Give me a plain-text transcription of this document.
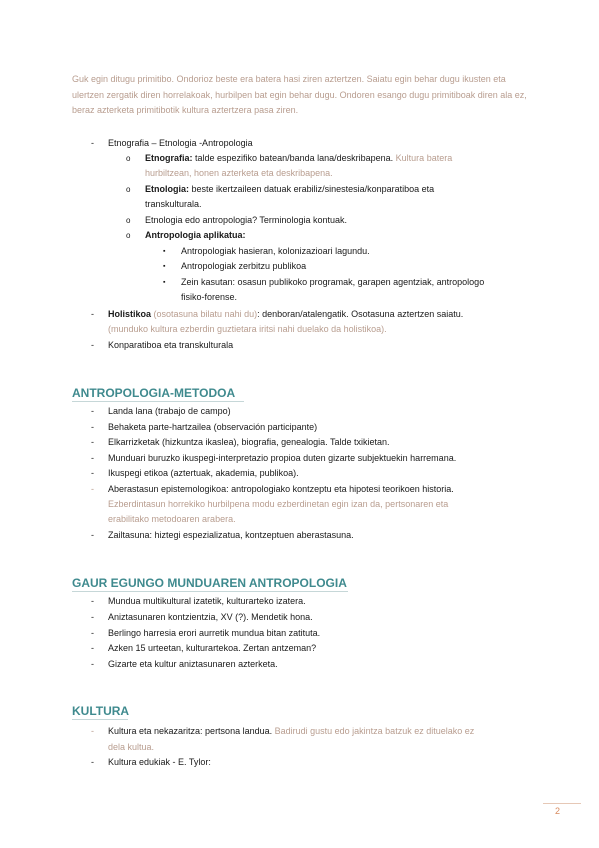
Guk egin ditugu primitibo. Ondorioz beste era batera hasi ziren aztertzen. Saiatu egin behar dugu ikusten eta ulertzen zergatik diren horrelakoak, hurbilpen bat egin behar dugu. Ondoren esango dugu primitiboak diren ala ez, beraz azterketa primitibotik kultura aztertzera pasa ziren.
-	Etnografia – Etnologia -Antropologia
o	Etnografia: talde espezifiko batean/banda lana/deskribapena. Kultura batera
hurbiltzean, honen azterketa eta deskribapena.
o	Etnologia: beste ikertzaileen datuak erabiliz/sinestesia/konparatiboa eta
transkulturala.
o	Etnologia edo antropologia? Terminologia kontuak.
o	Antropologia aplikatua:
▪	Antropologiak hasieran, kolonizazioari lagundu.
▪	Antropologiak zerbitzu publikoa
▪	Zein kasutan: osasun publikoko programak, garapen agentziak, antropologo
fisiko-forense.
-	Holistikoa (osotasuna bilatu nahi du): denboran/atalengatik. Osotasuna aztertzen saiatu.
(munduko kultura ezberdin guztietara iritsi nahi duelako da holistikoa).
-	Konparatiboa eta transkulturala
ANTROPOLOGIA-METODOA
-	Landa lana (trabajo de campo)
-	Behaketa parte-hartzailea (observación participante)
-	Elkarrizketak (hizkuntza ikaslea), biografia, genealogia. Talde txikietan.
-	Munduari buruzko ikuspegi-interpretazio propioa duten gizarte subjektuekin harremana.
-	Ikuspegi etikoa (aztertuak, akademia, publikoa).
-	Aberastasun epistemologikoa: antropologiako kontzeptu eta hipotesi teorikoen historia.
Ezberdintasun horrekiko hurbilpena modu ezberdinetan egin izan da, pertsonaren eta
erabilitako metodoaren arabera.
-	Zailtasuna: hiztegi espezializatua, kontzeptuen aberastasuna.
GAUR EGUNGO MUNDUAREN ANTROPOLOGIA
-	Mundua multikultural izatetik, kulturarteko izatera.
-	Aniztasunaren kontzientzia, XV (?). Mendetik hona.
-	Berlingo harresia erori aurretik mundua bitan zatituta.
-	Azken 15 urteetan, kulturartekoa. Zertan antzeman?
-	Gizarte eta kultur aniztasunaren azterketa.
KULTURA
-	Kultura eta nekazaritza: pertsona landua. Badirudi gustu edo jakintza batzuk ez dituelako ez
dela kultua.
-	Kultura edukiak - E. Tylor:
2
